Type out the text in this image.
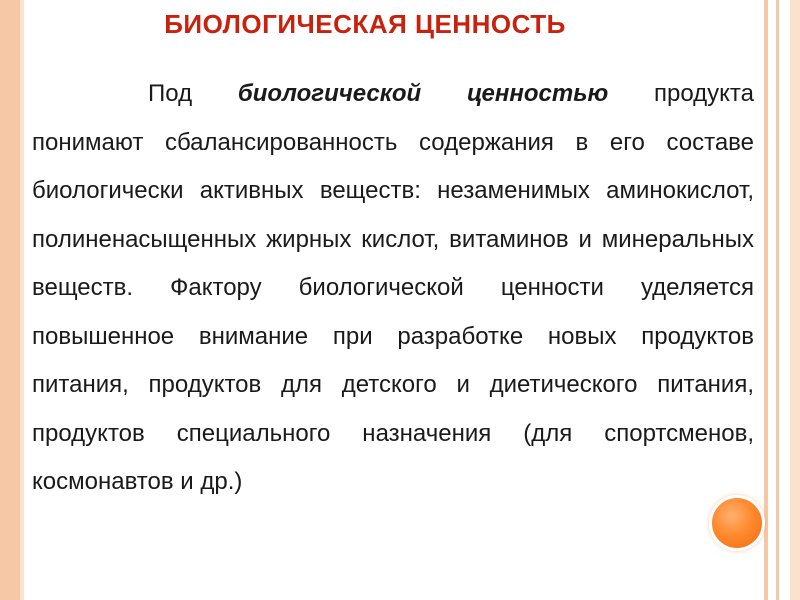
БИОЛОГИЧЕСКАЯ ЦЕННОСТЬ

Под биологической ценностью продукта понимают сбалансированность содержания в его составе биологически активных веществ: незаменимых аминокислот, полиненасыщенных жирных кислот, витаминов и минеральных веществ. Фактору биологической ценности уделяется повышенное внимание при разработке новых продуктов питания, продуктов для детского и диетического питания, продуктов специального назначения (для спортсменов, космонавтов и др.)
